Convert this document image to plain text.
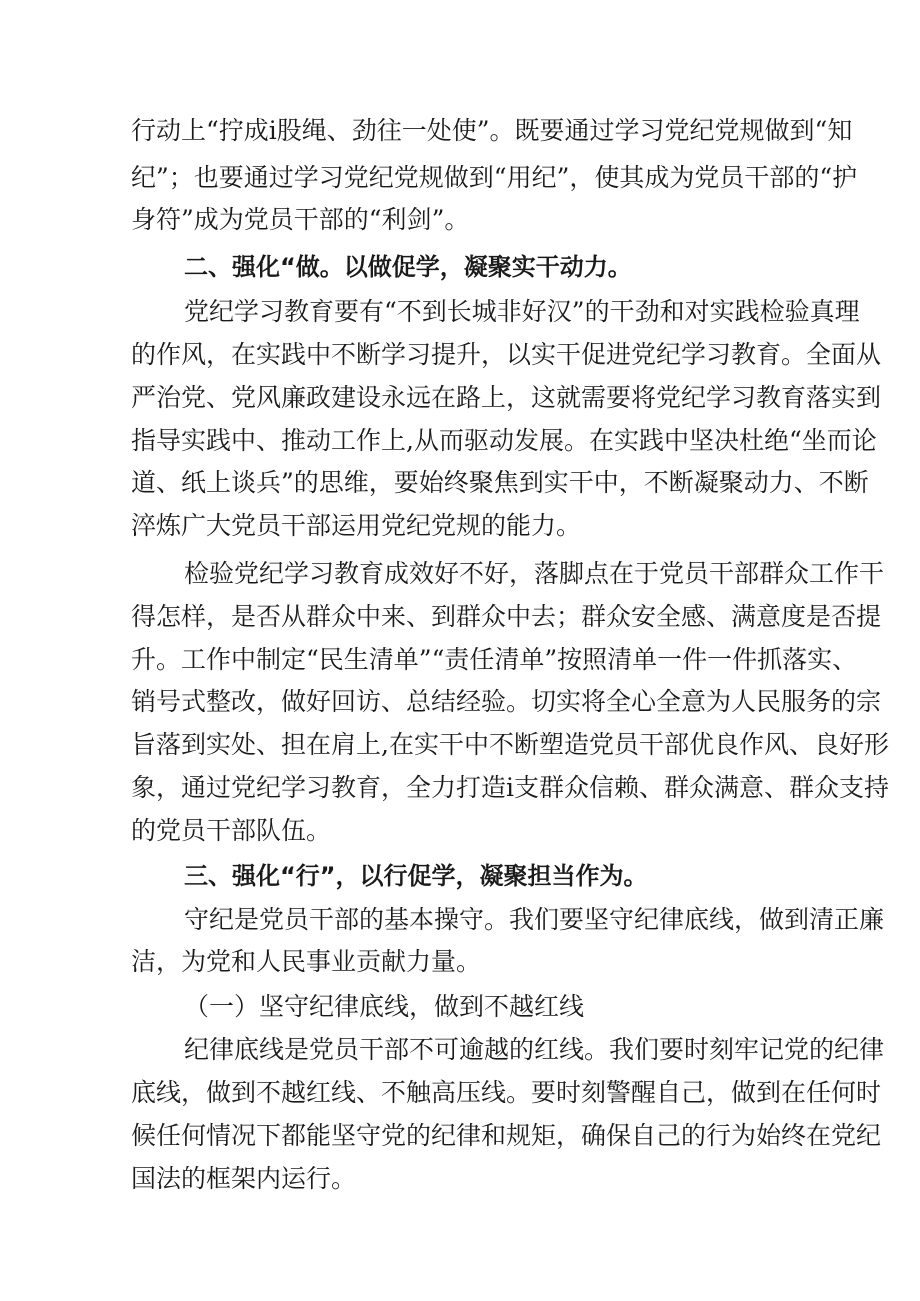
行动上“拧成i股绳、劲往一处使”。既要通过学习党纪党规做到“知
纪”；也要通过学习党纪党规做到“用纪”，使其成为党员干部的“护
身符”成为党员干部的“利剑”。
二、强化“做。以做促学，凝聚实干动力。
党纪学习教育要有“不到长城非好汉”的干劲和对实践检验真理
的作风，在实践中不断学习提升，以实干促进党纪学习教育。全面从
严治党、党风廉政建设永远在路上，这就需要将党纪学习教育落实到
指导实践中、推动工作上,从而驱动发展。在实践中坚决杜绝“坐而论
道、纸上谈兵”的思维，要始终聚焦到实干中，不断凝聚动力、不断
淬炼广大党员干部运用党纪党规的能力。
检验党纪学习教育成效好不好，落脚点在于党员干部群众工作干
得怎样，是否从群众中来、到群众中去；群众安全感、满意度是否提
升。工作中制定“民生清单”“责任清单”按照清单一件一件抓落实、
销号式整改，做好回访、总结经验。切实将全心全意为人民服务的宗
旨落到实处、担在肩上,在实干中不断塑造党员干部优良作风、良好形
象，通过党纪学习教育，全力打造i支群众信赖、群众满意、群众支持
的党员干部队伍。
三、强化“行”，以行促学，凝聚担当作为。
守纪是党员干部的基本操守。我们要坚守纪律底线，做到清正廉
洁，为党和人民事业贡献力量。
（一）坚守纪律底线，做到不越红线
纪律底线是党员干部不可逾越的红线。我们要时刻牢记党的纪律
底线，做到不越红线、不触高压线。要时刻警醒自己，做到在任何时
候任何情况下都能坚守党的纪律和规矩，确保自己的行为始终在党纪
国法的框架内运行。
